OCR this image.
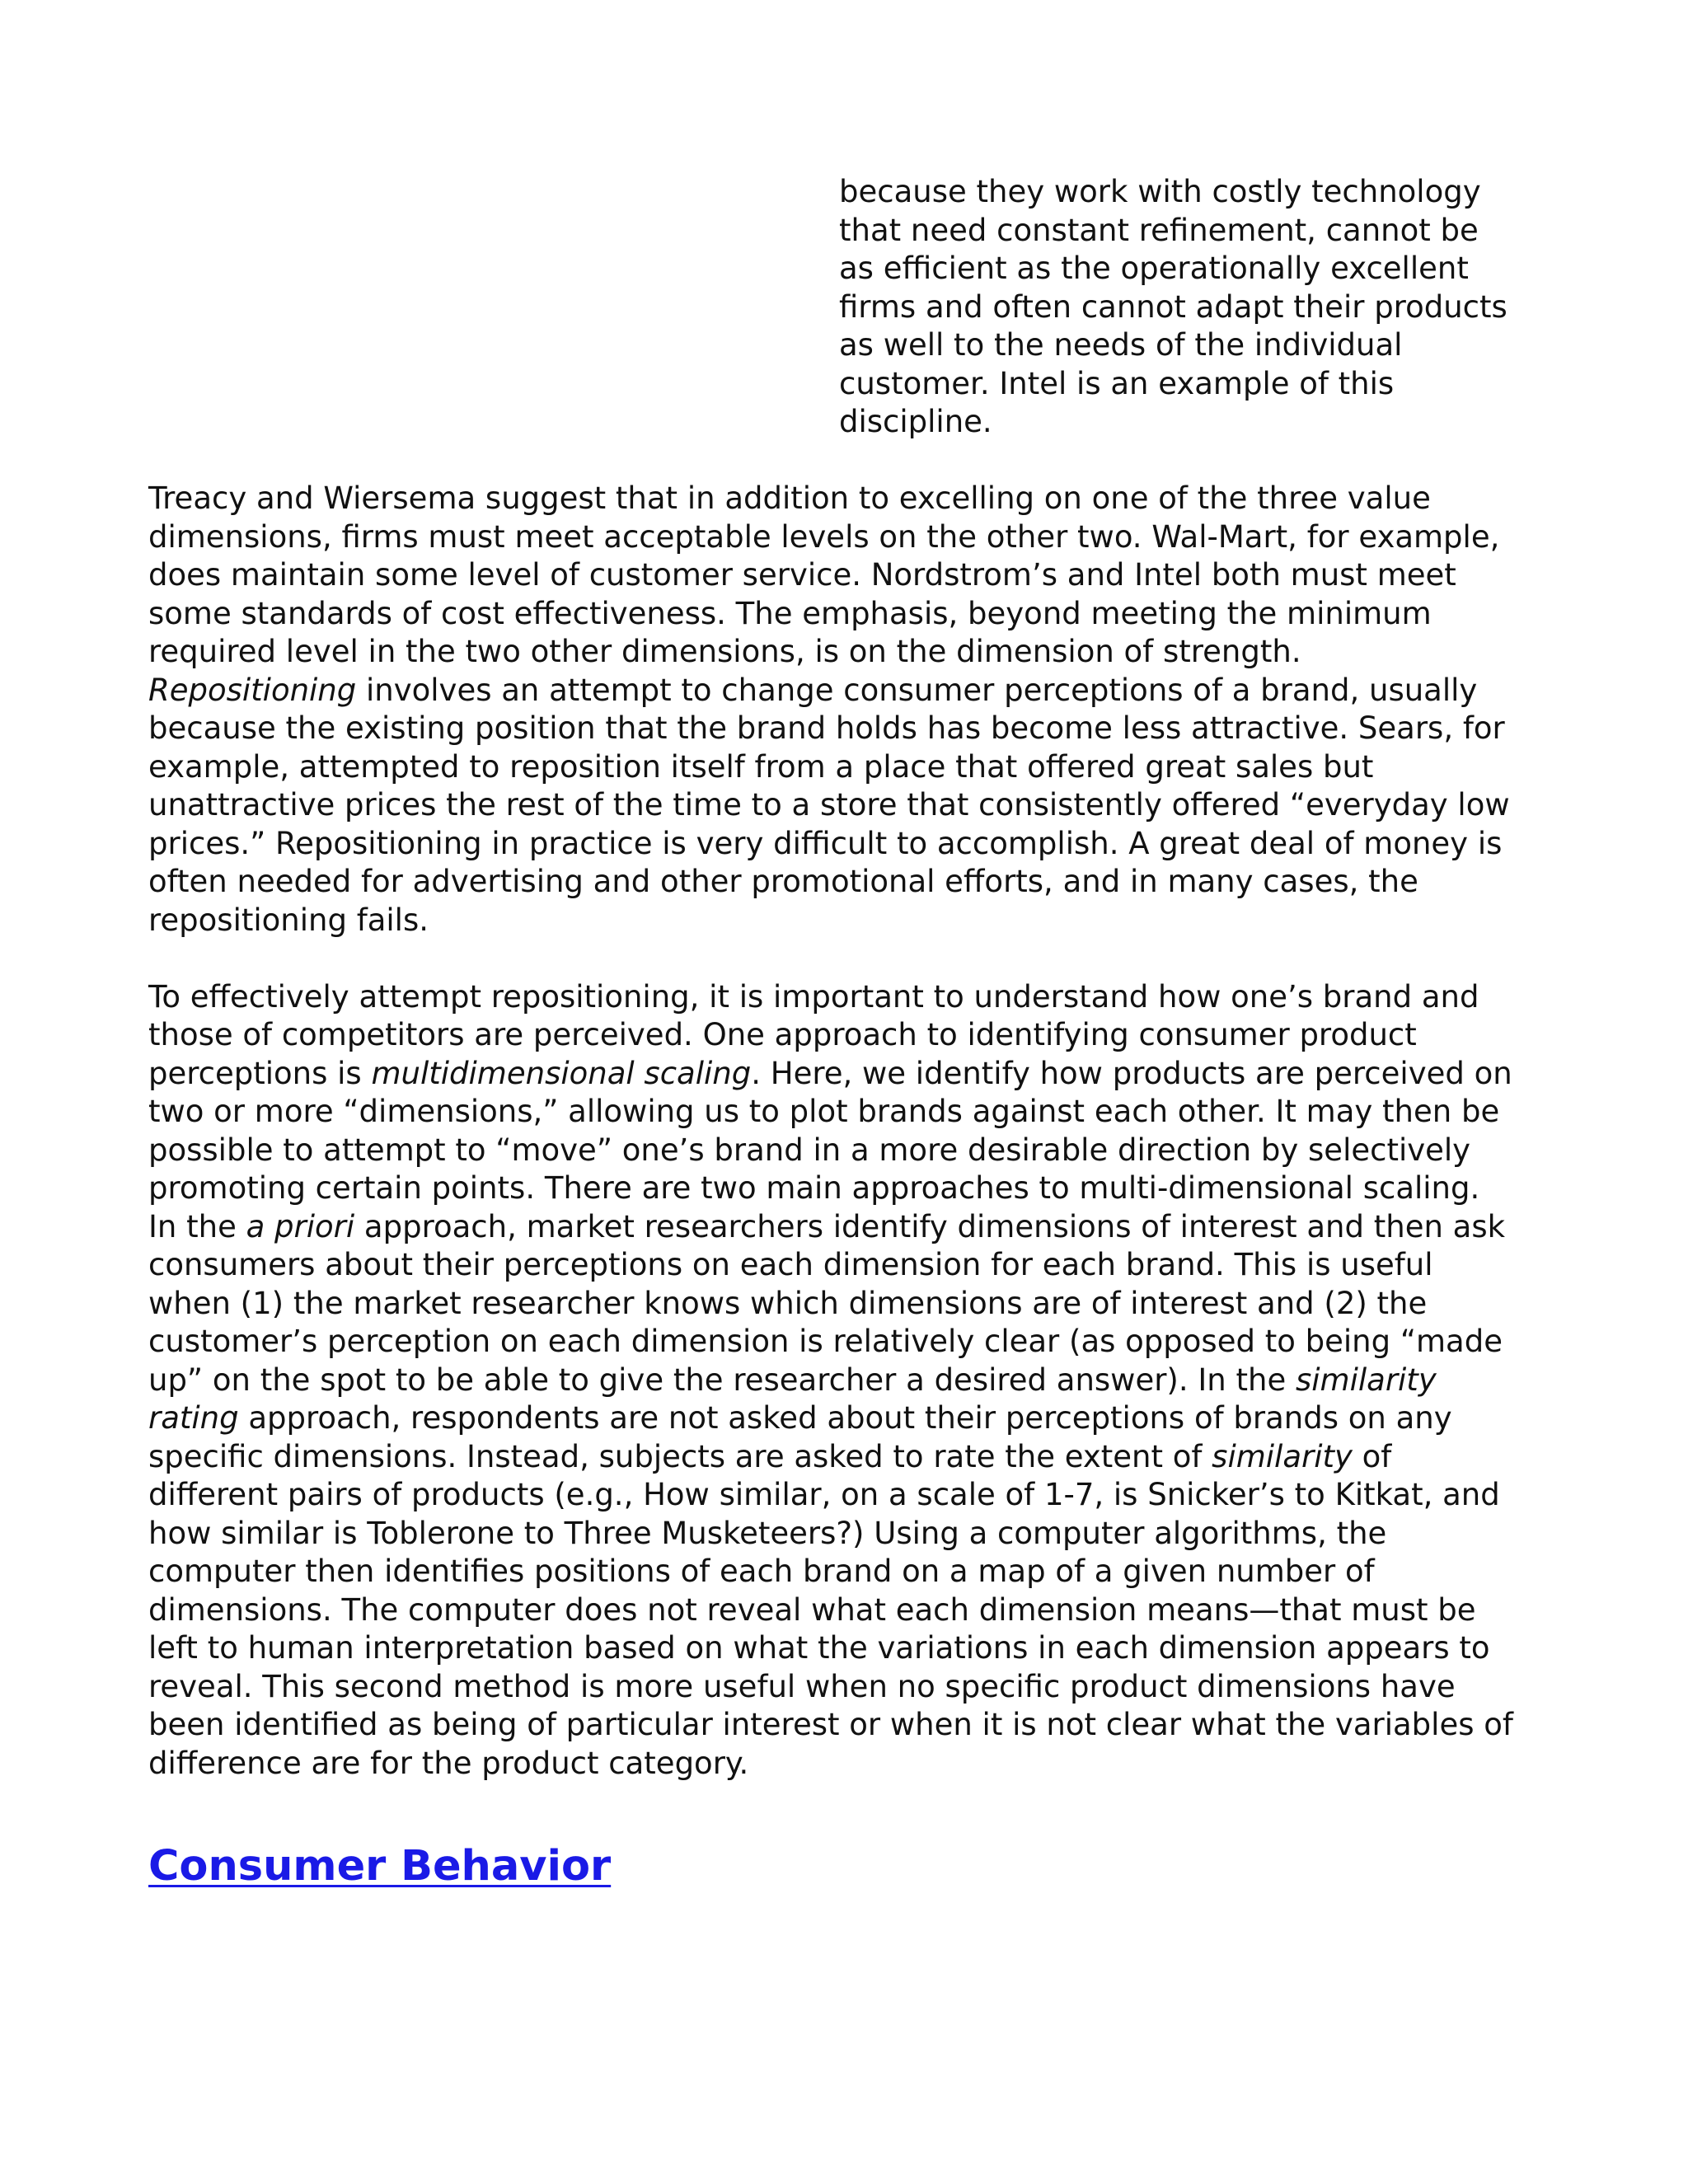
because they work with costly technology that need constant refinement, cannot be as efficient as the operationally excellent firms and often cannot adapt their products as well to the needs of the individual customer. Intel is an example of this discipline.

Treacy and Wiersema suggest that in addition to excelling on one of the three value dimensions, firms must meet acceptable levels on the other two. Wal-Mart, for example, does maintain some level of customer service. Nordstrom’s and Intel both must meet some standards of cost effectiveness. The emphasis, beyond meeting the minimum required level in the two other dimensions, is on the dimension of strength.

Repositioning involves an attempt to change consumer perceptions of a brand, usually because the existing position that the brand holds has become less attractive. Sears, for example, attempted to reposition itself from a place that offered great sales but unattractive prices the rest of the time to a store that consistently offered “everyday low prices.” Repositioning in practice is very difficult to accomplish. A great deal of money is often needed for advertising and other promotional efforts, and in many cases, the repositioning fails.

To effectively attempt repositioning, it is important to understand how one’s brand and those of competitors are perceived. One approach to identifying consumer product perceptions is multidimensional scaling. Here, we identify how products are perceived on two or more “dimensions,” allowing us to plot brands against each other. It may then be possible to attempt to “move” one’s brand in a more desirable direction by selectively promoting certain points. There are two main approaches to multi-dimensional scaling. In the a priori approach, market researchers identify dimensions of interest and then ask consumers about their perceptions on each dimension for each brand. This is useful when (1) the market researcher knows which dimensions are of interest and (2) the customer’s perception on each dimension is relatively clear (as opposed to being “made up” on the spot to be able to give the researcher a desired answer). In the similarity rating approach, respondents are not asked about their perceptions of brands on any specific dimensions. Instead, subjects are asked to rate the extent of similarity of different pairs of products (e.g., How similar, on a scale of 1-7, is Snicker’s to Kitkat, and how similar is Toblerone to Three Musketeers?) Using a computer algorithms, the computer then identifies positions of each brand on a map of a given number of dimensions. The computer does not reveal what each dimension means—that must be left to human interpretation based on what the variations in each dimension appears to reveal. This second method is more useful when no specific product dimensions have been identified as being of particular interest or when it is not clear what the variables of difference are for the product category.

Consumer Behavior
